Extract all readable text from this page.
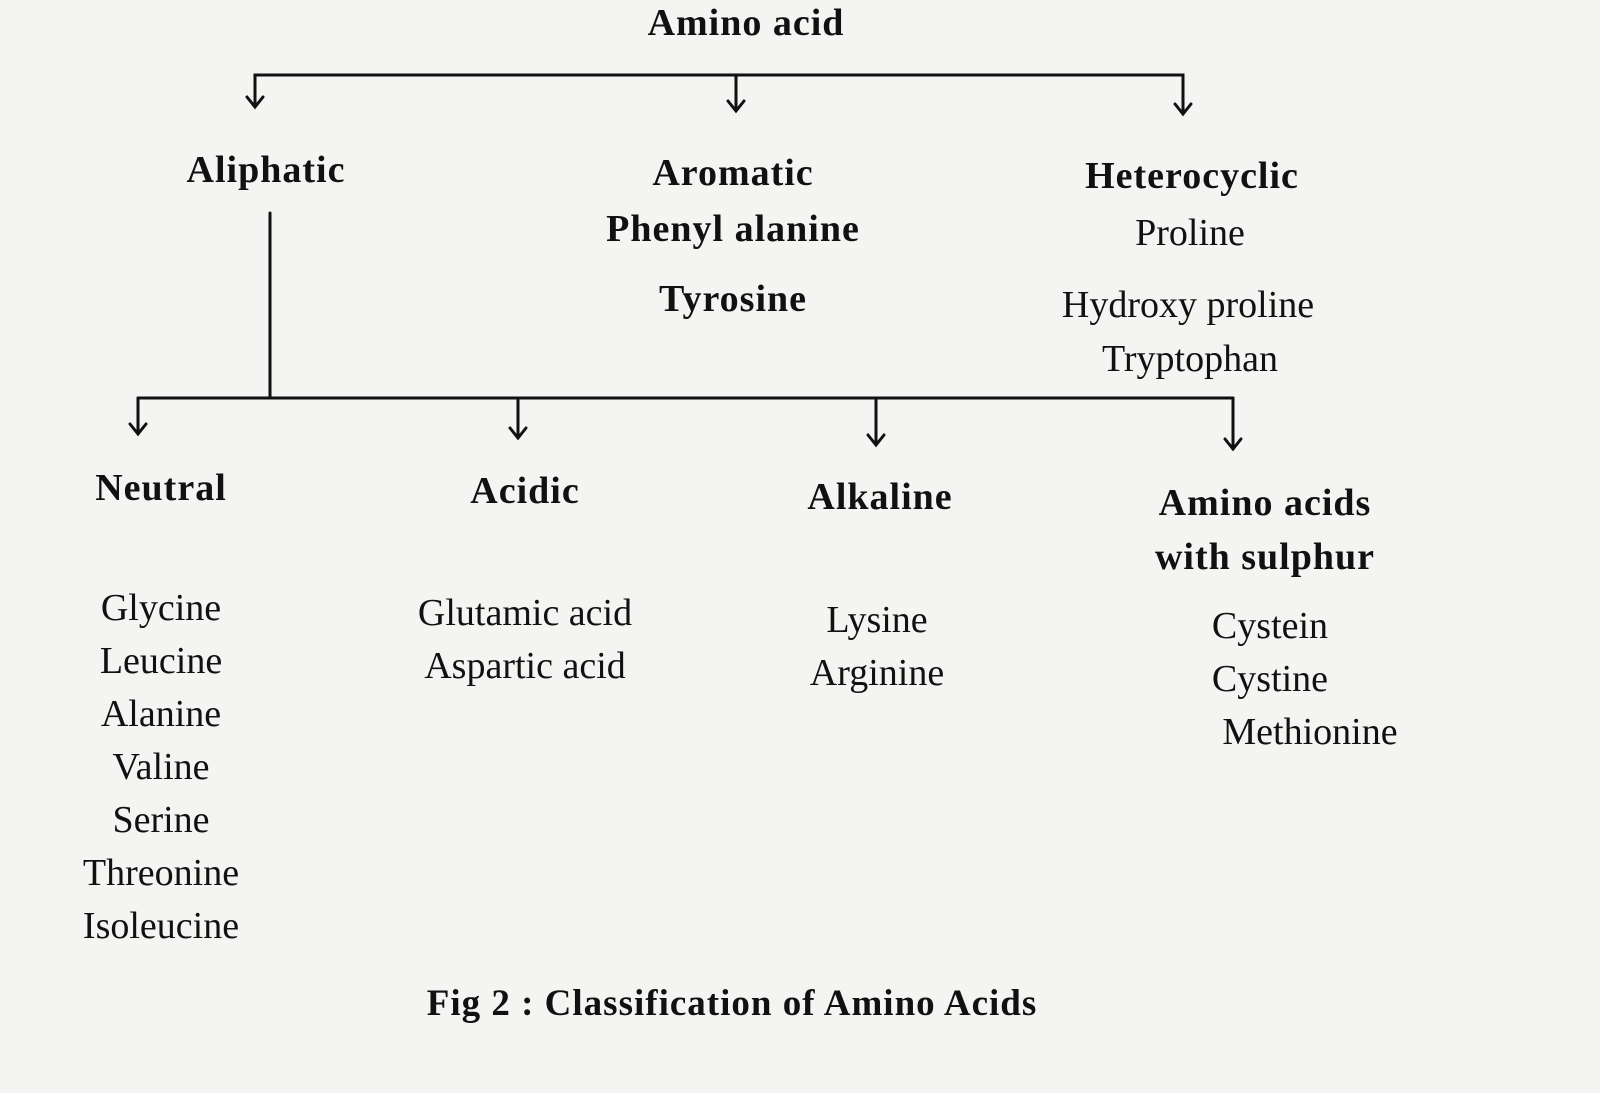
Amino acid
Aliphatic	Aromatic
Phenyl alanine
Tyrosine
Heterocyclic
Proline
Hydroxy proline
Tryptophan
Neutral
Glycine
Leucine
Alanine
Valine
Serine
Threonine
Isoleucine
Acidic
Glutamic acid
Aspartic acid
Alkaline
Lysine
Arginine
Amino acids
with sulphur
Cystein
Cystine
Methionine
Fig 2 : Classification of Amino Acids
